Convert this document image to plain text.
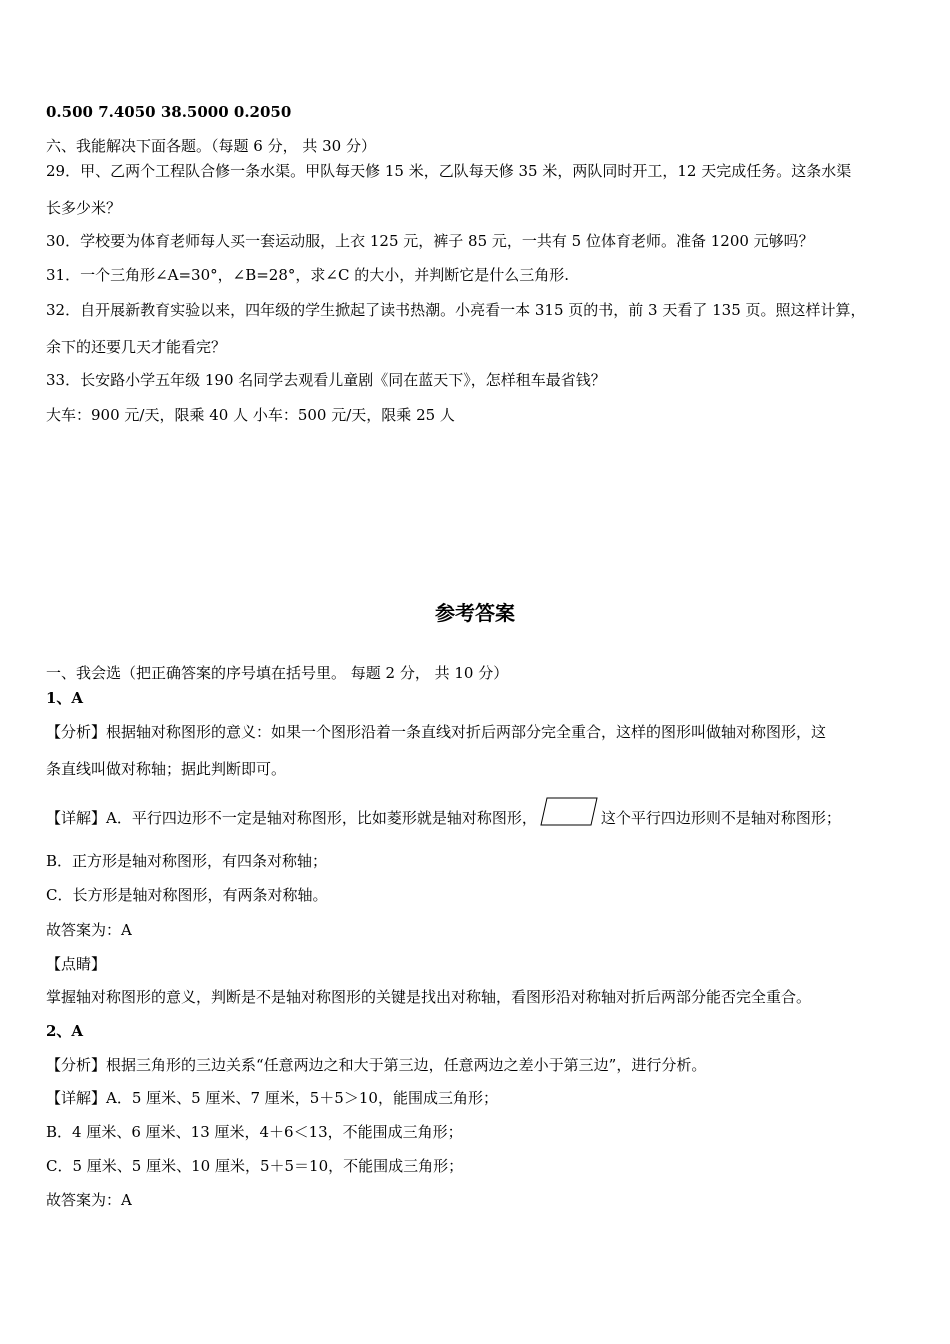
0.500 7.4050 38.5000 0.2050
六、我能解决下面各题。（每题 6 分， 共 30 分）
29．甲、乙两个工程队合修一条水渠。甲队每天修 15 米，乙队每天修 35 米，两队同时开工，12 天完成任务。这条水渠
长多少米？
30．学校要为体育老师每人买一套运动服，上衣 125 元，裤子 85 元，一共有 5 位体育老师。准备 1200 元够吗？
31．一个三角形∠A=30°，∠B=28°，求∠C 的大小，并判断它是什么三角形.
32．自开展新教育实验以来，四年级的学生掀起了读书热潮。小亮看一本 315 页的书，前 3 天看了 135 页。照这样计算，
余下的还要几天才能看完？
33．长安路小学五年级 190 名同学去观看儿童剧《同在蓝天下》，怎样租车最省钱？
大车：900 元/天，限乘 40 人 小车：500 元/天，限乘 25 人
参考答案
一、我会选（把正确答案的序号填在括号里。 每题 2 分， 共 10 分）
1、A
【分析】根据轴对称图形的意义：如果一个图形沿着一条直线对折后两部分完全重合，这样的图形叫做轴对称图形，这
条直线叫做对称轴；据此判断即可。
【详解】A．平行四边形不一定是轴对称图形，比如菱形就是轴对称图形，	这个平行四边形则不是轴对称图形；
B．正方形是轴对称图形，有四条对称轴；
C．长方形是轴对称图形，有两条对称轴。
故答案为：A
【点睛】
掌握轴对称图形的意义，判断是不是轴对称图形的关键是找出对称轴，看图形沿对称轴对折后两部分能否完全重合。
2、A
【分析】根据三角形的三边关系“任意两边之和大于第三边，任意两边之差小于第三边”，进行分析。
【详解】A．5 厘米、5 厘米、7 厘米，5＋5＞10，能围成三角形；
B．4 厘米、6 厘米、13 厘米，4＋6＜13，不能围成三角形；
C．5 厘米、5 厘米、10 厘米，5＋5＝10，不能围成三角形；
故答案为：A
